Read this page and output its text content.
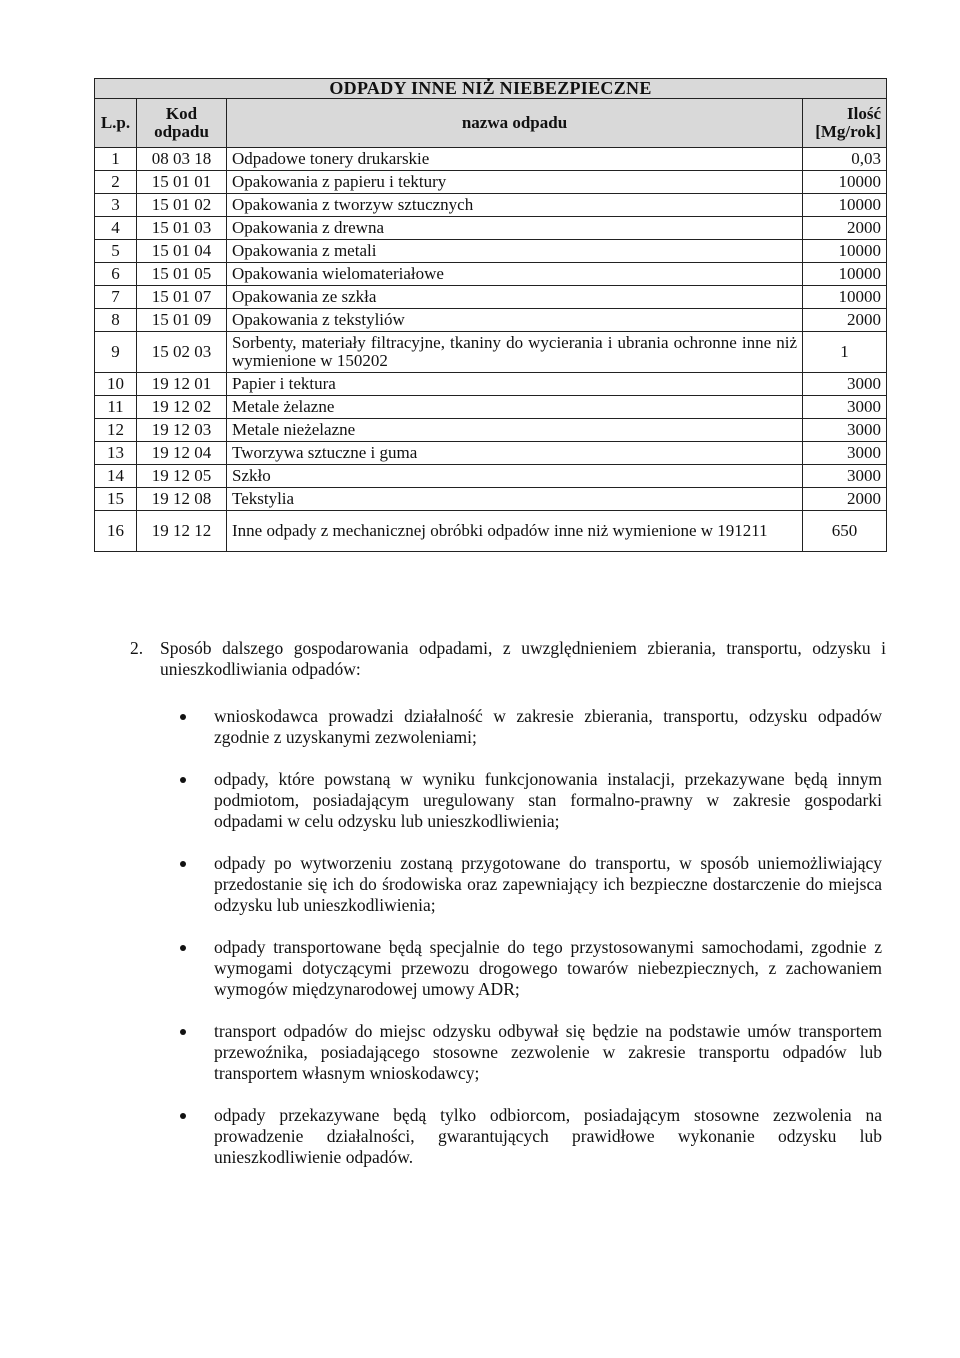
ODPADY INNE NIŻ NIEBEZPIECZNE			
L.p.	Kod odpadu	nazwa odpadu	Ilość [Mg/rok]
1	08 03 18	Odpadowe tonery drukarskie	0,03
2	15 01 01	Opakowania z papieru i tektury	10000
3	15 01 02	Opakowania z tworzyw sztucznych	10000
4	15 01 03	Opakowania z drewna	2000
5	15 01 04	Opakowania z metali	10000
6	15 01 05	Opakowania wielomateriałowe	10000
7	15 01 07	Opakowania ze szkła	10000
8	15 01 09	Opakowania z tekstyliów	2000
9	15 02 03	Sorbenty, materiały filtracyjne, tkaniny do wycierania i ubrania ochronne inne niż wymienione w 150202	1
10	19 12 01	Papier i tektura	3000
11	19 12 02	Metale żelazne	3000
12	19 12 03	Metale nieżelazne	3000
13	19 12 04	Tworzywa sztuczne i guma	3000
14	19 12 05	Szkło	3000
15	19 12 08	Tekstylia	2000
16	19 12 12	Inne odpady z mechanicznej obróbki odpadów inne niż wymienione w 191211	650

2. Sposób dalszego gospodarowania odpadami, z uwzględnieniem zbierania, transportu, odzysku i unieszkodliwiania odpadów:

wnioskodawca prowadzi działalność w zakresie zbierania, transportu, odzysku odpadów zgodnie z uzyskanymi zezwoleniami;
odpady, które powstaną w wyniku funkcjonowania instalacji, przekazywane będą innym podmiotom, posiadającym uregulowany stan formalno-prawny w zakresie gospodarki odpadami w celu odzysku lub unieszkodliwienia;
odpady po wytworzeniu zostaną przygotowane do transportu, w sposób uniemożliwiający przedostanie się ich do środowiska oraz zapewniający ich bezpieczne dostarczenie do miejsca odzysku lub unieszkodliwienia;
odpady transportowane będą specjalnie do tego przystosowanymi samochodami, zgodnie z wymogami dotyczącymi przewozu drogowego towarów niebezpiecznych, z zachowaniem wymogów międzynarodowej umowy ADR;
transport odpadów do miejsc odzysku odbywał się będzie na podstawie umów transportem przewoźnika, posiadającego stosowne zezwolenie w zakresie transportu odpadów lub transportem własnym wnioskodawcy;
odpady przekazywane będą tylko odbiorcom, posiadającym stosowne zezwolenia na prowadzenie działalności, gwarantujących prawidłowe wykonanie odzysku lub unieszkodliwienie odpadów.
